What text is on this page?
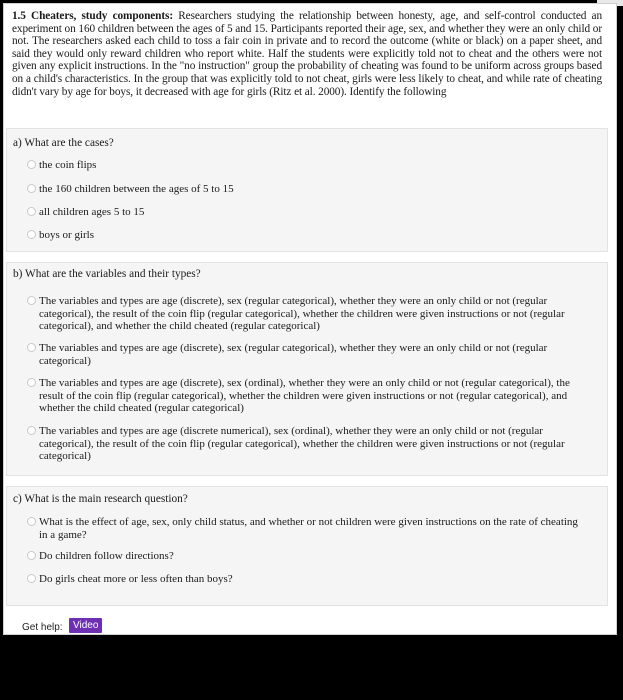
1.5 Cheaters, study components: Researchers studying the relationship between honesty, age, and self-control conducted an experiment on 160 children between the ages of 5 and 15. Participants reported their age, sex, and whether they were an only child or not. The researchers asked each child to toss a fair coin in private and to record the outcome (white or black) on a paper sheet, and said they would only reward children who report white. Half the students were explicitly told not to cheat and the others were not given any explicit instructions. In the "no instruction" group the probability of cheating was found to be uniform across groups based on a child's characteristics. In the group that was explicitly told to not cheat, girls were less likely to cheat, and while rate of cheating didn't vary by age for boys, it decreased with age for girls (Ritz et al. 2000). Identify the following

a) What are the cases?
the coin flips
the 160 children between the ages of 5 to 15
all children ages 5 to 15
boys or girls
b) What are the variables and their types?
The variables and types are age (discrete), sex (regular categorical), whether they were an only child or not (regular categorical), the result of the coin flip (regular categorical), whether the children were given instructions or not (regular categorical), and whether the child cheated (regular categorical)
The variables and types are age (discrete), sex (regular categorical), whether they were an only child or not (regular categorical)
The variables and types are age (discrete), sex (ordinal), whether they were an only child or not (regular categorical), the result of the coin flip (regular categorical), whether the children were given instructions or not (regular categorical), and whether the child cheated (regular categorical)
The variables and types are age (discrete numerical), sex (ordinal), whether they were an only child or not (regular categorical), the result of the coin flip (regular categorical), whether the children were given instructions or not (regular categorical)
c) What is the main research question?
What is the effect of age, sex, only child status, and whether or not children were given instructions on the rate of cheating in a game?
Do children follow directions?
Do girls cheat more or less often than boys?
Get help:	Video
